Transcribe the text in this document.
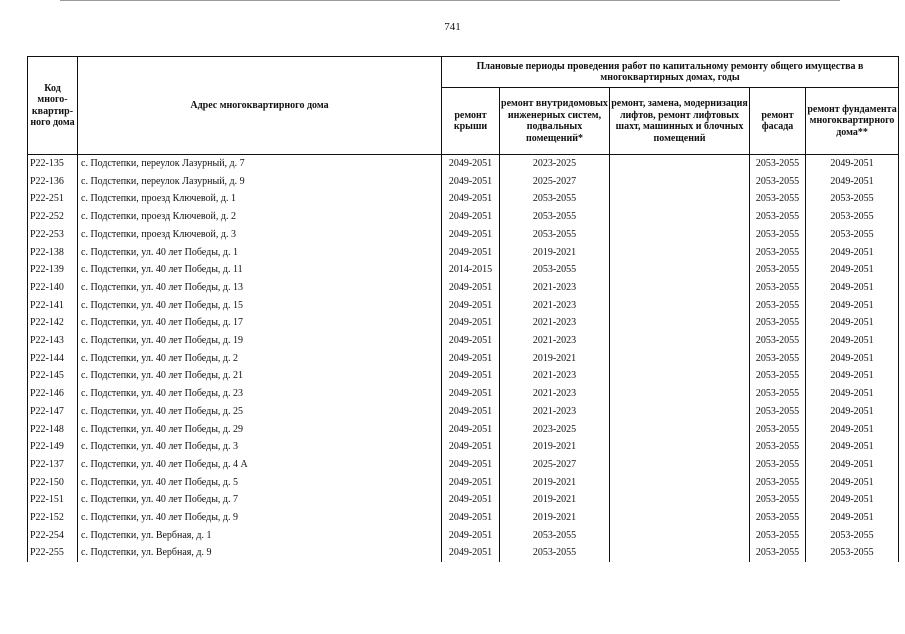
741
Код много-квартир-ного дома	Адрес многоквартирного дома	Плановые периоды проведения работ по капитальному ремонту общего имущества в многоквартирных домах, годы				
		ремонт крыши	ремонт внутридомовых инженерных систем, подвальных помещений*	ремонт, замена, модернизация лифтов, ремонт лифтовых шахт, машинных и блочных помещений	ремонт фасада	ремонт фундамента многоквартирного дома**
Р22-135	с. Подстепки, переулок Лазурный, д. 7	2049-2051	2023-2025		2053-2055	2049-2051
Р22-136	с. Подстепки, переулок Лазурный, д. 9	2049-2051	2025-2027		2053-2055	2049-2051
Р22-251	с. Подстепки, проезд Ключевой, д. 1	2049-2051	2053-2055		2053-2055	2053-2055
Р22-252	с. Подстепки, проезд Ключевой, д. 2	2049-2051	2053-2055		2053-2055	2053-2055
Р22-253	с. Подстепки, проезд Ключевой, д. 3	2049-2051	2053-2055		2053-2055	2053-2055
Р22-138	с. Подстепки, ул. 40 лет Победы, д. 1	2049-2051	2019-2021		2053-2055	2049-2051
Р22-139	с. Подстепки, ул. 40 лет Победы, д. 11	2014-2015	2053-2055		2053-2055	2049-2051
Р22-140	с. Подстепки, ул. 40 лет Победы, д. 13	2049-2051	2021-2023		2053-2055	2049-2051
Р22-141	с. Подстепки, ул. 40 лет Победы, д. 15	2049-2051	2021-2023		2053-2055	2049-2051
Р22-142	с. Подстепки, ул. 40 лет Победы, д. 17	2049-2051	2021-2023		2053-2055	2049-2051
Р22-143	с. Подстепки, ул. 40 лет Победы, д. 19	2049-2051	2021-2023		2053-2055	2049-2051
Р22-144	с. Подстепки, ул. 40 лет Победы, д. 2	2049-2051	2019-2021		2053-2055	2049-2051
Р22-145	с. Подстепки, ул. 40 лет Победы, д. 21	2049-2051	2021-2023		2053-2055	2049-2051
Р22-146	с. Подстепки, ул. 40 лет Победы, д. 23	2049-2051	2021-2023		2053-2055	2049-2051
Р22-147	с. Подстепки, ул. 40 лет Победы, д. 25	2049-2051	2021-2023		2053-2055	2049-2051
Р22-148	с. Подстепки, ул. 40 лет Победы, д. 29	2049-2051	2023-2025		2053-2055	2049-2051
Р22-149	с. Подстепки, ул. 40 лет Победы, д. 3	2049-2051	2019-2021		2053-2055	2049-2051
Р22-137	с. Подстепки, ул. 40 лет Победы, д. 4 А	2049-2051	2025-2027		2053-2055	2049-2051
Р22-150	с. Подстепки, ул. 40 лет Победы, д. 5	2049-2051	2019-2021		2053-2055	2049-2051
Р22-151	с. Подстепки, ул. 40 лет Победы, д. 7	2049-2051	2019-2021		2053-2055	2049-2051
Р22-152	с. Подстепки, ул. 40 лет Победы, д. 9	2049-2051	2019-2021		2053-2055	2049-2051
Р22-254	с. Подстепки, ул. Вербная, д. 1	2049-2051	2053-2055		2053-2055	2053-2055
Р22-255	с. Подстепки, ул. Вербная, д. 9	2049-2051	2053-2055		2053-2055	2053-2055
